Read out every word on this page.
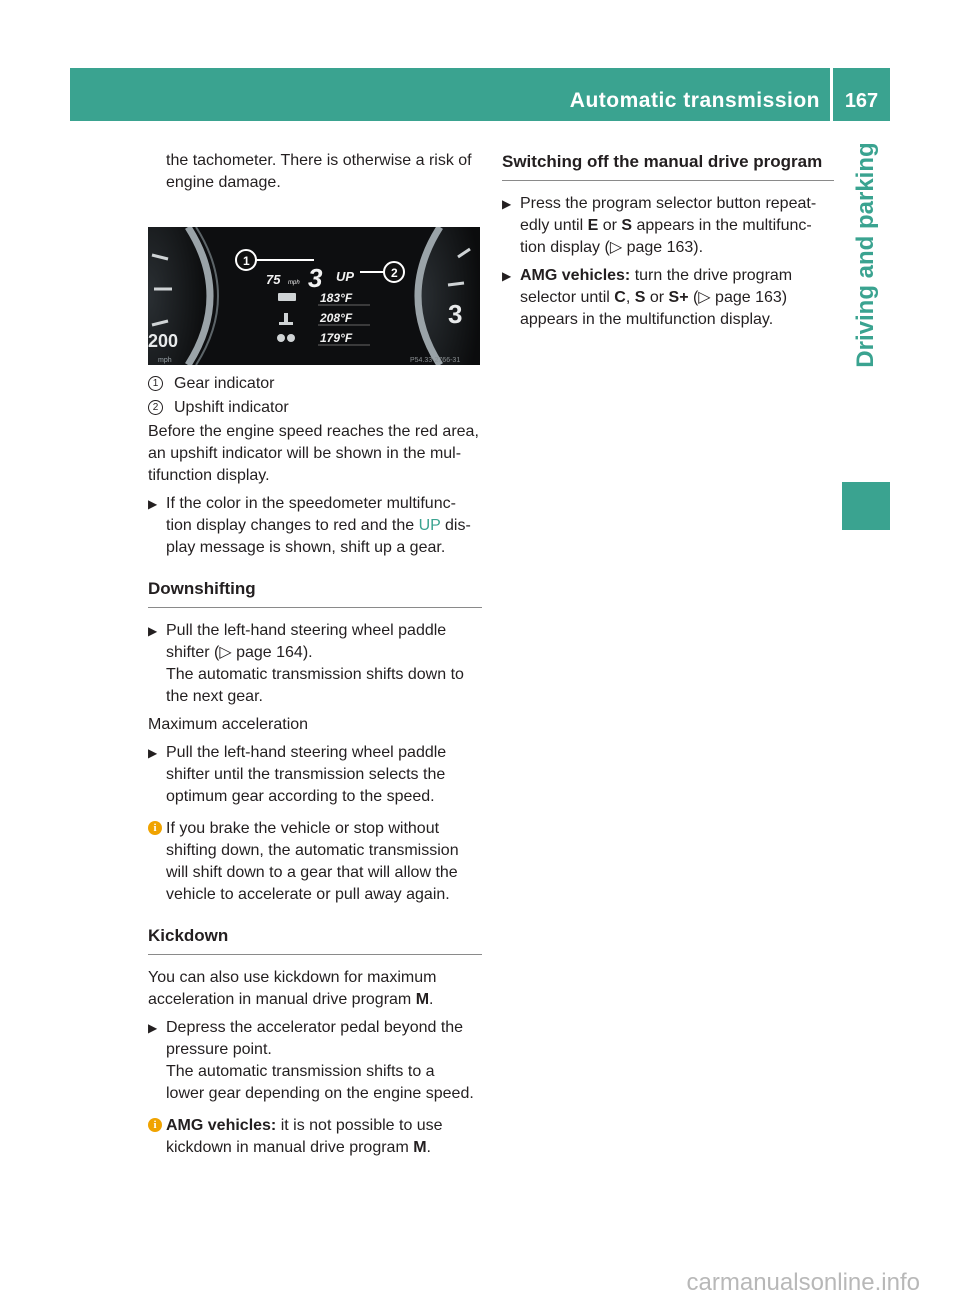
Automatic transmission	167
Driving and parking

the tachometer. There is otherwise a risk of

engine damage.

200
mph
3
75 mph 3 UP
183°F
208°F
179°F
1
2
P54.33-2766-31
1 Gear indicator
2 Upshift indicator

Before the engine speed reaches the red area,

an upshift indicator will be shown in the mul-

tifunction display.

▶ If the color in the speedometer multifunc-

tion display changes to red and the UP dis-

play message is shown, shift up a gear.

Downshifting
▶ Pull the left-hand steering wheel paddle

shifter (▷ page 164).

The automatic transmission shifts down to

the next gear.

Maximum acceleration

▶ Pull the left-hand steering wheel paddle

shifter until the transmission selects the

optimum gear according to the speed.

i If you brake the vehicle or stop without

shifting down, the automatic transmission

will shift down to a gear that will allow the

vehicle to accelerate or pull away again.

Kickdown

You can also use kickdown for maximum

acceleration in manual drive program M.

▶ Depress the accelerator pedal beyond the

pressure point.

The automatic transmission shifts to a

lower gear depending on the engine speed.

i AMG vehicles: it is not possible to use

kickdown in manual drive program M.

Switching off the manual drive program
▶ Press the program selector button repeat-

edly until E or S appears in the multifunc-

tion display (▷ page 163).

▶ AMG vehicles: turn the drive program

selector until C, S or S+ (▷ page 163)

appears in the multifunction display.

carmanualsonline.info
